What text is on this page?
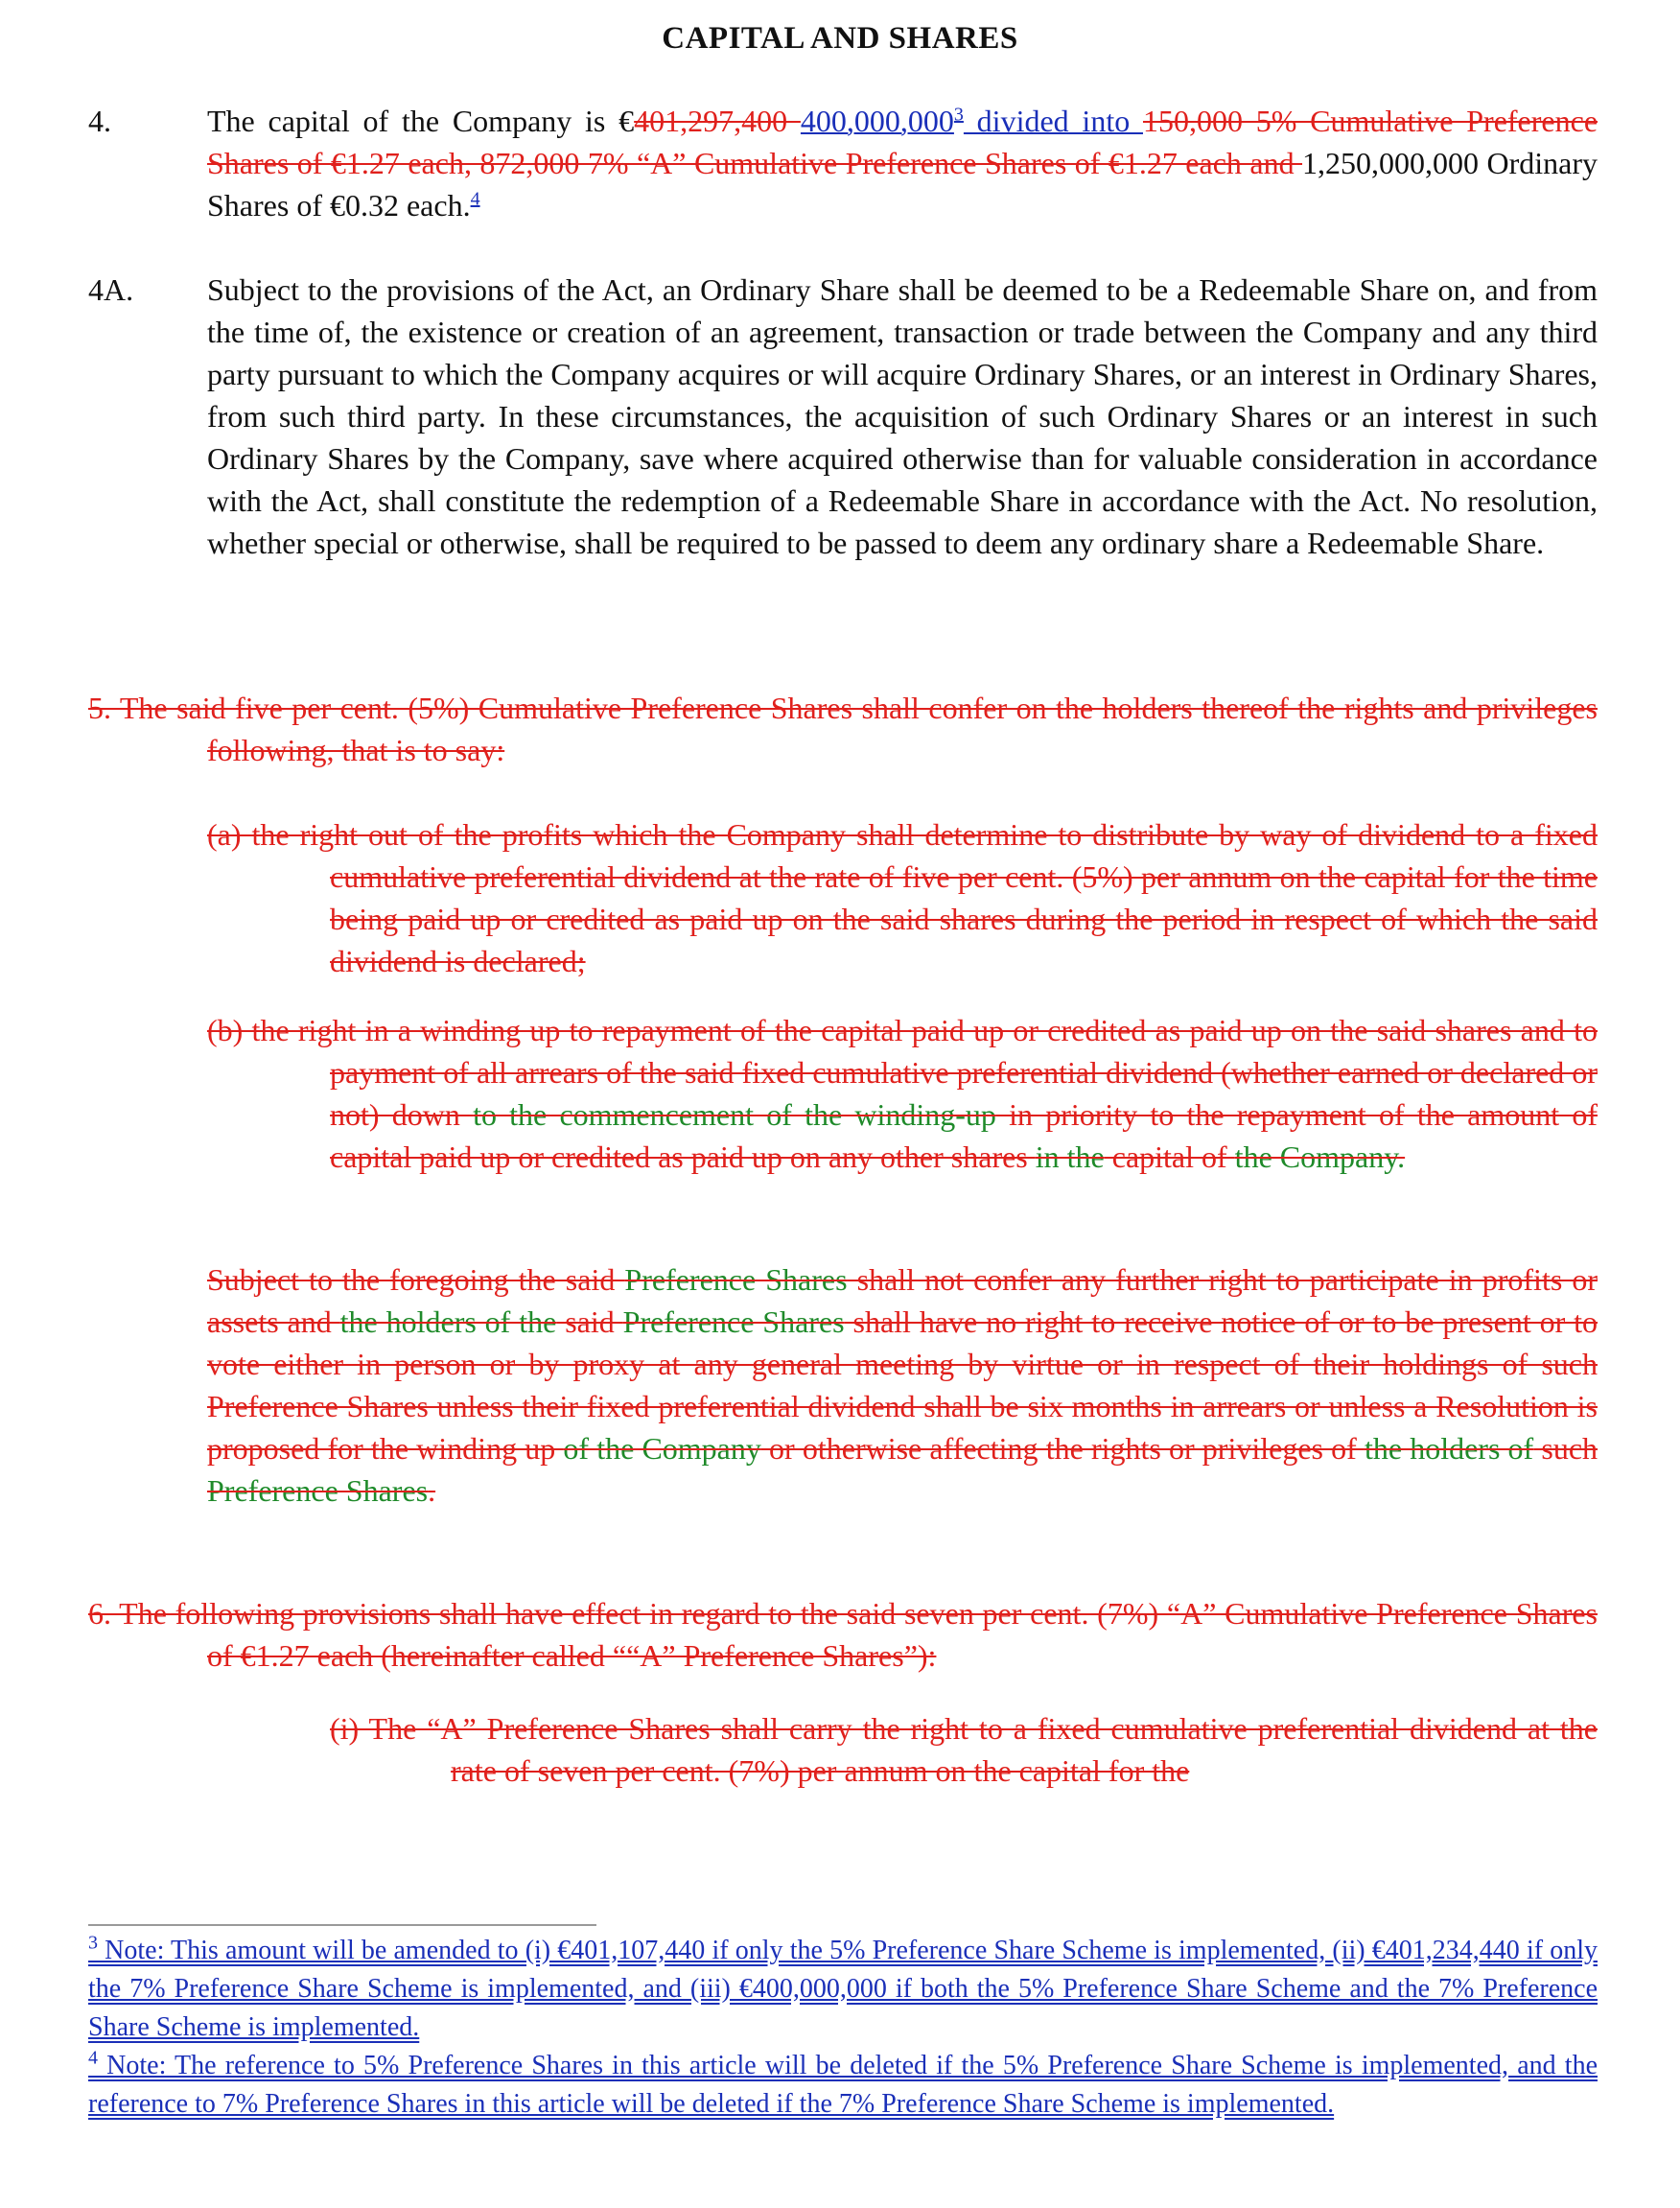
CAPITAL AND SHARES
4.	The capital of the Company is €401,297,400 400,000,000$^3$ divided into 150,000 5% Cumulative Preference Shares of €1.27 each, 872,000 7% “A” Cumulative Preference Shares of €1.27 each and 1,250,000,000 Ordinary Shares of €0.32 each.$^4$
4A. Subject to the provisions of the Act, an Ordinary Share shall be deemed to be a Redeemable Share on, and from the time of, the existence or creation of an agreement, transaction or trade between the Company and any third party pursuant to which the Company acquires or will acquire Ordinary Shares, or an interest in Ordinary Shares, from such third party. In these circumstances, the acquisition of such Ordinary Shares or an interest in such Ordinary Shares by the Company, save where acquired otherwise than for valuable consideration in accordance with the Act, shall constitute the redemption of a Redeemable Share in accordance with the Act. No resolution, whether special or otherwise, shall be required to be passed to deem any ordinary share a Redeemable Share.
5. The said five per cent. (5%) Cumulative Preference Shares shall confer on the holders thereof the rights and privileges following, that is to say:
(a) the right out of the profits which the Company shall determine to distribute by way of dividend to a fixed cumulative preferential dividend at the rate of five per cent. (5%) per annum on the capital for the time being paid up or credited as paid up on the said shares during the period in respect of which the said dividend is declared;
(b) the right in a winding up to repayment of the capital paid up or credited as paid up on the said shares and to payment of all arrears of the said fixed cumulative preferential dividend (whether earned or declared or not) down to the commencement of the winding-up in priority to the repayment of the amount of capital paid up or credited as paid up on any other shares in the capital of the Company.
Subject to the foregoing the said Preference Shares shall not confer any further right to participate in profits or assets and the holders of the said Preference Shares shall have no right to receive notice of or to be present or to vote either in person or by proxy at any general meeting by virtue or in respect of their holdings of such Preference Shares unless their fixed preferential dividend shall be six months in arrears or unless a Resolution is proposed for the winding up of the Company or otherwise affecting the rights or privileges of the holders of such Preference Shares.
6. The following provisions shall have effect in regard to the said seven per cent. (7%) “A” Cumulative Preference Shares of €1.27 each (hereinafter called ““A” Preference Shares”):
(i) The “A” Preference Shares shall carry the right to a fixed cumulative preferential dividend at the rate of seven per cent. (7%) per annum on the capital for the
$^3$ Note: This amount will be amended to (i) €401,107,440 if only the 5% Preference Share Scheme is implemented, (ii) €401,234,440 if only the 7% Preference Share Scheme is implemented, and (iii) €400,000,000 if both the 5% Preference Share Scheme and the 7% Preference Share Scheme is implemented.
$^4$ Note: The reference to 5% Preference Shares in this article will be deleted if the 5% Preference Share Scheme is implemented, and the reference to 7% Preference Shares in this article will be deleted if the 7% Preference Share Scheme is implemented.
